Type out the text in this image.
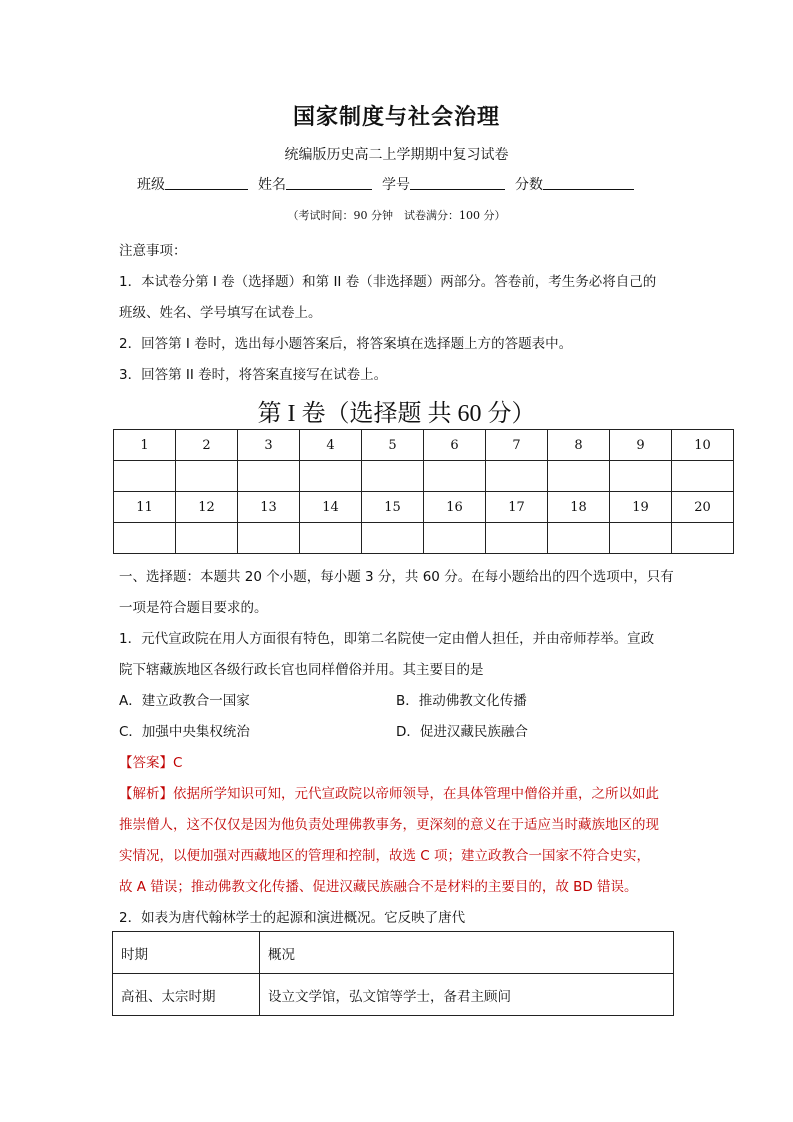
国家制度与社会治理
统编版历史高二上学期期中复习试卷
班级	姓名	学号	分数
（考试时间：90 分钟　试卷满分：100 分）
注意事项：
1．本试卷分第 I 卷（选择题）和第 II 卷（非选择题）两部分。答卷前，考生务必将自己的
班级、姓名、学号填写在试卷上。
2．回答第 I 卷时，选出每小题答案后，将答案填在选择题上方的答题表中。
3．回答第 II 卷时，将答案直接写在试卷上。
第 I 卷（选择题 共 60 分）
1	2	3	4	5	6	7	8	9	10

11	12	13	14	15	16	17	18	19	20

一、选择题：本题共 20 个小题，每小题 3 分，共 60 分。在每小题给出的四个选项中，只有
一项是符合题目要求的。
1．元代宣政院在用人方面很有特色，即第二名院使一定由僧人担任，并由帝师荐举。宣政
院下辖藏族地区各级行政长官也同样僧俗并用。其主要目的是
A．建立政教合一国家	B．推动佛教文化传播
C．加强中央集权统治	D．促进汉藏民族融合
【答案】C
【解析】依据所学知识可知，元代宣政院以帝师领导，在具体管理中僧俗并重，之所以如此
推崇僧人，这不仅仅是因为他负责处理佛教事务，更深刻的意义在于适应当时藏族地区的现
实情况，以便加强对西藏地区的管理和控制，故选 C 项；建立政教合一国家不符合史实，
故 A 错误；推动佛教文化传播、促进汉藏民族融合不是材料的主要目的，故 BD 错误。
2．如表为唐代翰林学士的起源和演进概况。它反映了唐代
时期	概况
高祖、太宗时期	设立文学馆，弘文馆等学士，备君主顾问
